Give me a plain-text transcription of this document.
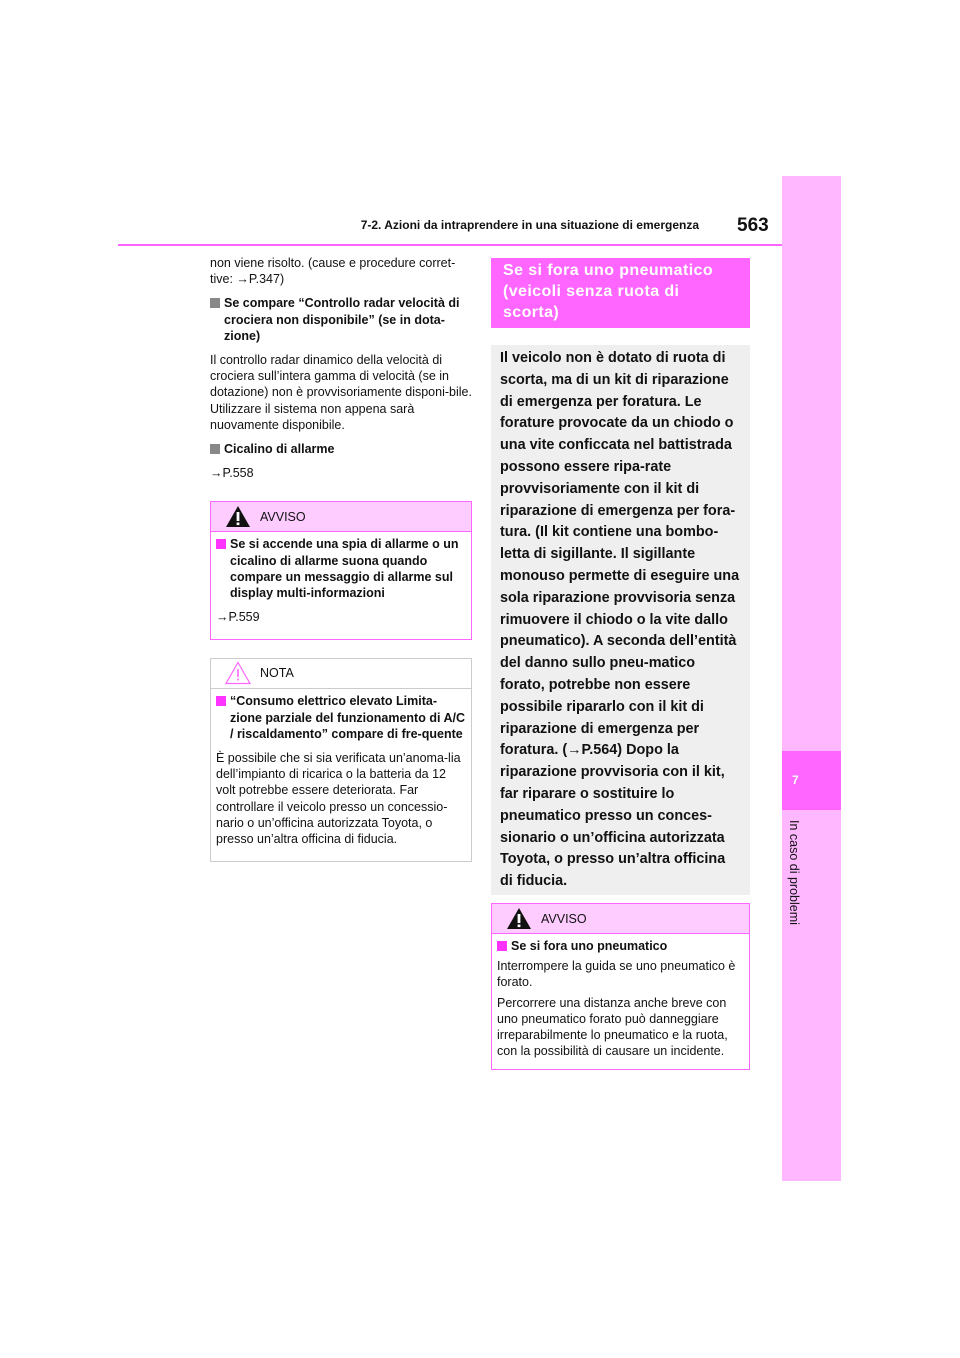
7
In caso di problemi
7-2. Azioni da intraprendere in una situazione di emergenza 563

non viene risolto. (cause e procedure corret-tive: →P.347)

Se compare “Controllo radar velocità di crociera non disponibile” (se in dota-zione)

Il controllo radar dinamico della velocità di crociera sull’intera gamma di velocità (se in dotazione) non è provvisoriamente disponi-bile. Utilizzare il sistema non appena sarà nuovamente disponibile.

Cicalino di allarme

→P.558

AVVISO

Se si accende una spia di allarme o un cicalino di allarme suona quando compare un messaggio di allarme sul display multi-informazioni

→P.559

NOTA

“Consumo elettrico elevato Limita-zione parziale del funzionamento di A/C / riscaldamento” compare di fre-quente

È possibile che si sia verificata un’anoma-lia dell’impianto di ricarica o la batteria da 12 volt potrebbe essere deteriorata. Far controllare il veicolo presso un concessio-nario o un’officina autorizzata Toyota, o presso un’altra officina di fiducia.

Se si fora uno pneumatico (veicoli senza ruota di scorta)

Il veicolo non è dotato di ruota di scorta, ma di un kit di riparazione di emergenza per foratura. Le forature provocate da un chiodo o una vite conficcata nel battistrada possono essere ripa-rate provvisoriamente con il kit di riparazione di emergenza per fora-tura. (Il kit contiene una bombo-letta di sigillante. Il sigillante monouso permette di eseguire una sola riparazione provvisoria senza rimuovere il chiodo o la vite dallo pneumatico). A seconda dell’entità del danno sullo pneu-matico forato, potrebbe non essere possibile ripararlo con il kit di riparazione di emergenza per foratura. (→P.564) Dopo la riparazione provvisoria con il kit, far riparare o sostituire lo pneumatico presso un conces-sionario o un’officina autorizzata Toyota, o presso un’altra officina di fiducia.

AVVISO

Se si fora uno pneumatico

Interrompere la guida se uno pneumatico è forato.

Percorrere una distanza anche breve con uno pneumatico forato può danneggiare irreparabilmente lo pneumatico e la ruota, con la possibilità di causare un incidente.
